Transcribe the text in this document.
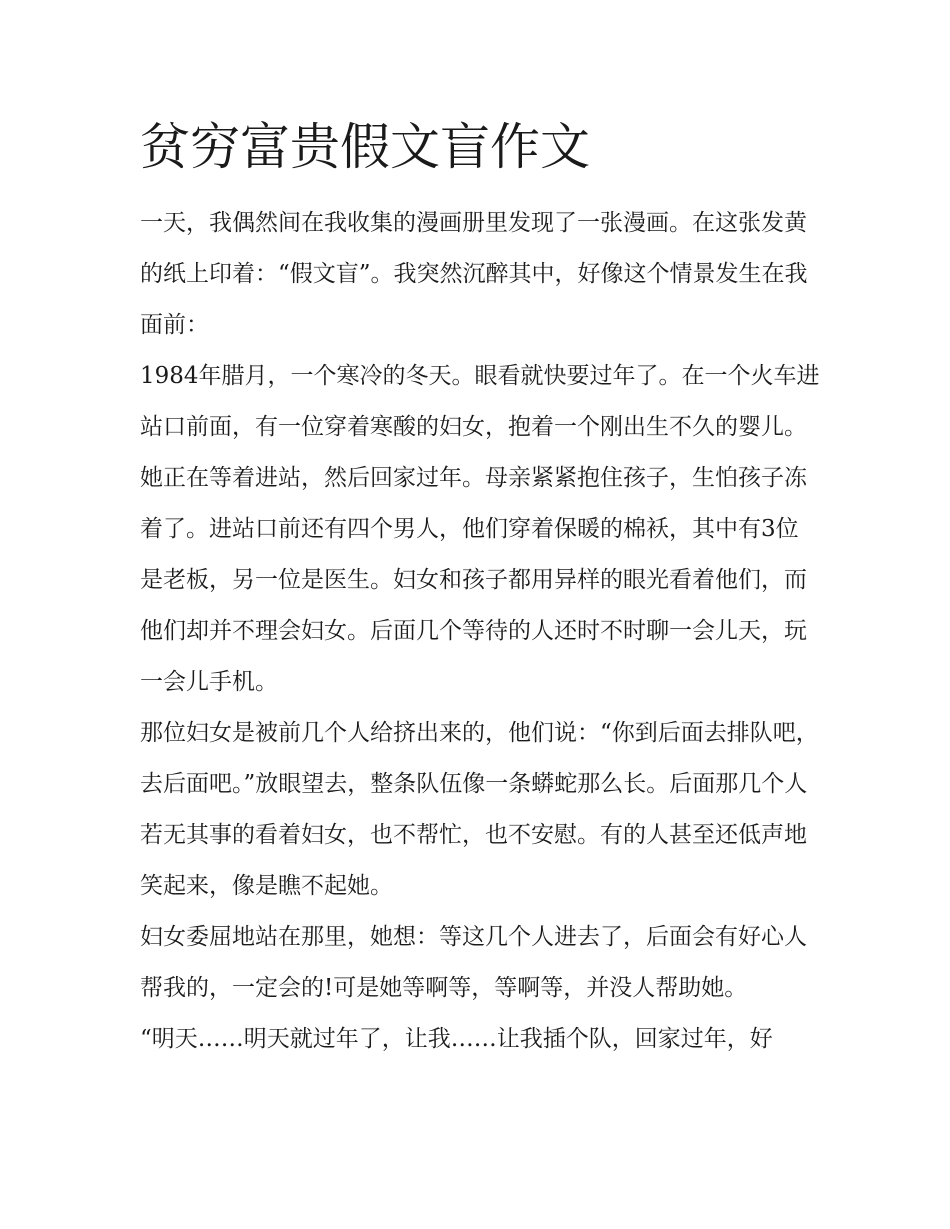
贫穷富贵假文盲作文

一天，我偶然间在我收集的漫画册里发现了一张漫画。在这张发黄的纸上印着：“假文盲”。我突然沉醉其中，好像这个情景发生在我面前：

1984年腊月，一个寒冷的冬天。眼看就快要过年了。在一个火车进站口前面，有一位穿着寒酸的妇女，抱着一个刚出生不久的婴儿。她正在等着进站，然后回家过年。母亲紧紧抱住孩子，生怕孩子冻着了。进站口前还有四个男人，他们穿着保暖的棉袄，其中有3位是老板，另一位是医生。妇女和孩子都用异样的眼光看着他们，而他们却并不理会妇女。后面几个等待的人还时不时聊一会儿天，玩一会儿手机。

那位妇女是被前几个人给挤出来的，他们说：“你到后面去排队吧，去后面吧。”放眼望去，整条队伍像一条蟒蛇那么长。后面那几个人若无其事的看着妇女，也不帮忙，也不安慰。有的人甚至还低声地笑起来，像是瞧不起她。

妇女委屈地站在那里，她想：等这几个人进去了，后面会有好心人帮我的，一定会的!可是她等啊等，等啊等，并没人帮助她。

“明天……明天就过年了，让我……让我插个队，回家过年，好
